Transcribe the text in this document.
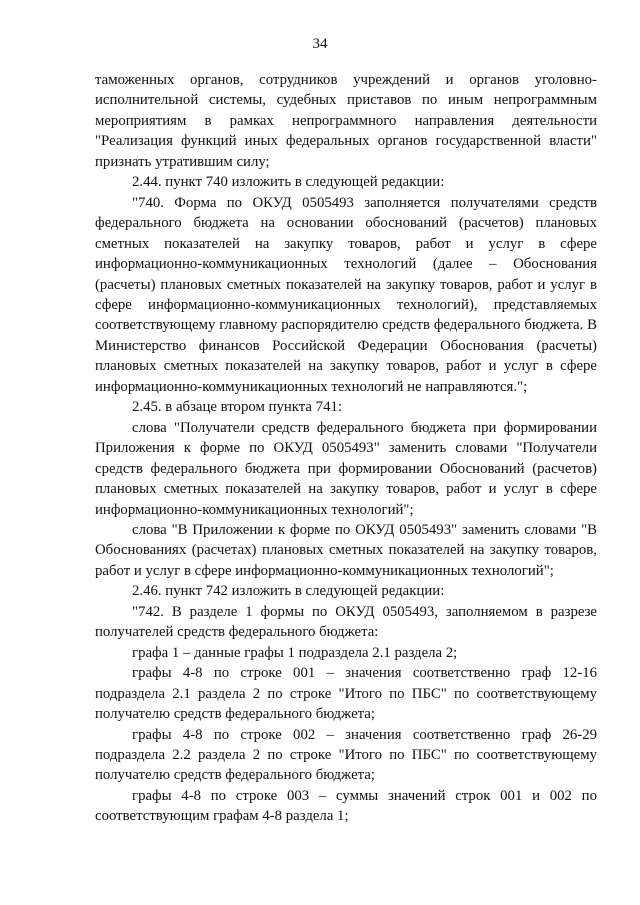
34

таможенных органов, сотрудников учреждений и органов уголовно-исполнительной системы, судебных приставов по иным непрограммным мероприятиям в рамках непрограммного направления деятельности "Реализация функций иных федеральных органов государственной власти" признать утратившим силу;

2.44. пункт 740 изложить в следующей редакции:

"740. Форма по ОКУД 0505493 заполняется получателями средств федерального бюджета на основании обоснований (расчетов) плановых сметных показателей на закупку товаров, работ и услуг в сфере информационно-коммуникационных технологий (далее – Обоснования (расчеты) плановых сметных показателей на закупку товаров, работ и услуг в сфере информационно-коммуникационных технологий), представляемых соответствующему главному распорядителю средств федерального бюджета. В Министерство финансов Российской Федерации Обоснования (расчеты) плановых сметных показателей на закупку товаров, работ и услуг в сфере информационно-коммуникационных технологий не направляются.";

2.45. в абзаце втором пункта 741:

слова "Получатели средств федерального бюджета при формировании Приложения к форме по ОКУД 0505493" заменить словами "Получатели средств федерального бюджета при формировании Обоснований (расчетов) плановых сметных показателей на закупку товаров, работ и услуг в сфере информационно-коммуникационных технологий";

слова "В Приложении к форме по ОКУД 0505493" заменить словами "В Обоснованиях (расчетах) плановых сметных показателей на закупку товаров, работ и услуг в сфере информационно-коммуникационных технологий";

2.46. пункт 742 изложить в следующей редакции:

"742. В разделе 1 формы по ОКУД 0505493, заполняемом в разрезе получателей средств федерального бюджета:

графа 1 – данные графы 1 подраздела 2.1 раздела 2;

графы 4-8 по строке 001 – значения соответственно граф 12-16 подраздела 2.1 раздела 2 по строке "Итого по ПБС" по соответствующему получателю средств федерального бюджета;

графы 4-8 по строке 002 – значения соответственно граф 26-29 подраздела 2.2 раздела 2 по строке "Итого по ПБС" по соответствующему получателю средств федерального бюджета;

графы 4-8 по строке 003 – суммы значений строк 001 и 002 по соответствующим графам 4-8 раздела 1;
